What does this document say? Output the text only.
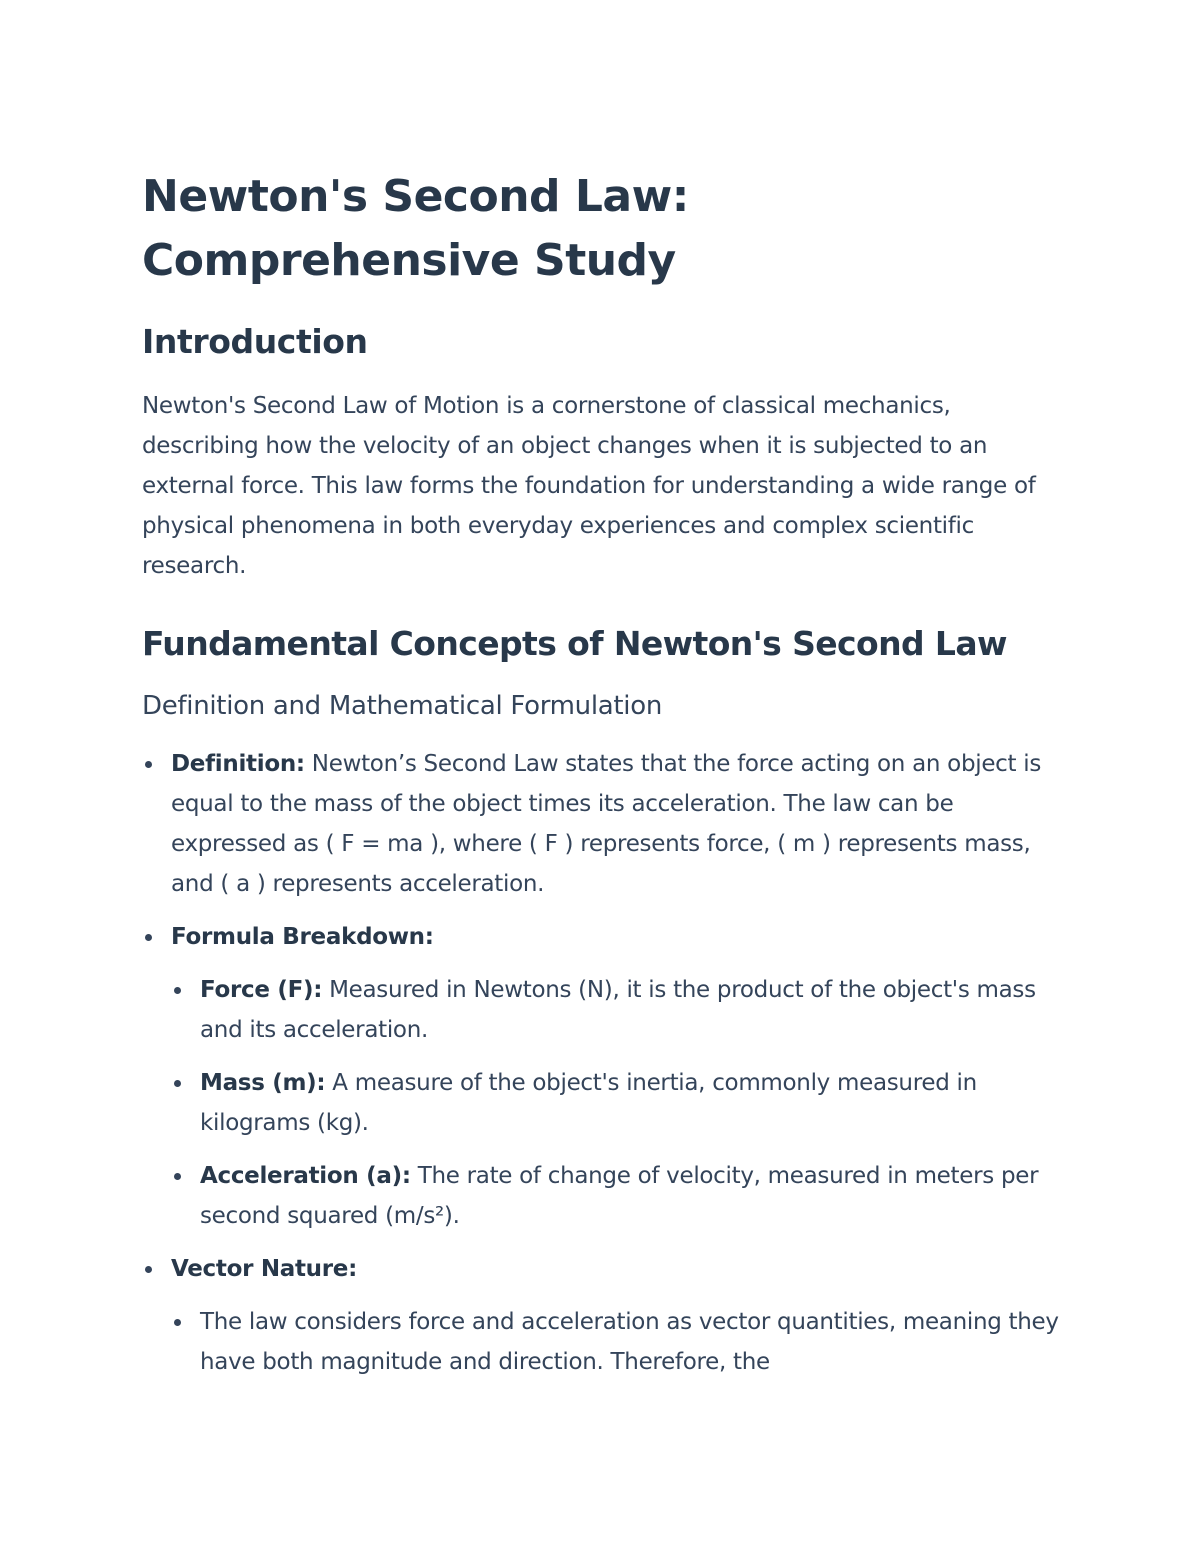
Newton's Second Law: Comprehensive Study
Introduction

Newton's Second Law of Motion is a cornerstone of classical mechanics, describing how the velocity of an object changes when it is subjected to an external force. This law forms the foundation for understanding a wide range of physical phenomena in both everyday experiences and complex scientific research.

Fundamental Concepts of Newton's Second Law
Definition and Mathematical Formulation
Definition: Newton’s Second Law states that the force acting on an object is equal to the mass of the object times its acceleration. The law can be expressed as ( F = ma ), where ( F ) represents force, ( m ) represents mass, and ( a ) represents acceleration.
Formula Breakdown:
Force (F): Measured in Newtons (N), it is the product of the object's mass and its acceleration.
Mass (m): A measure of the object's inertia, commonly measured in kilograms (kg).
Acceleration (a): The rate of change of velocity, measured in meters per second squared (m/s²).
Vector Nature:
The law considers force and acceleration as vector quantities, meaning they have both magnitude and direction. Therefore, the
